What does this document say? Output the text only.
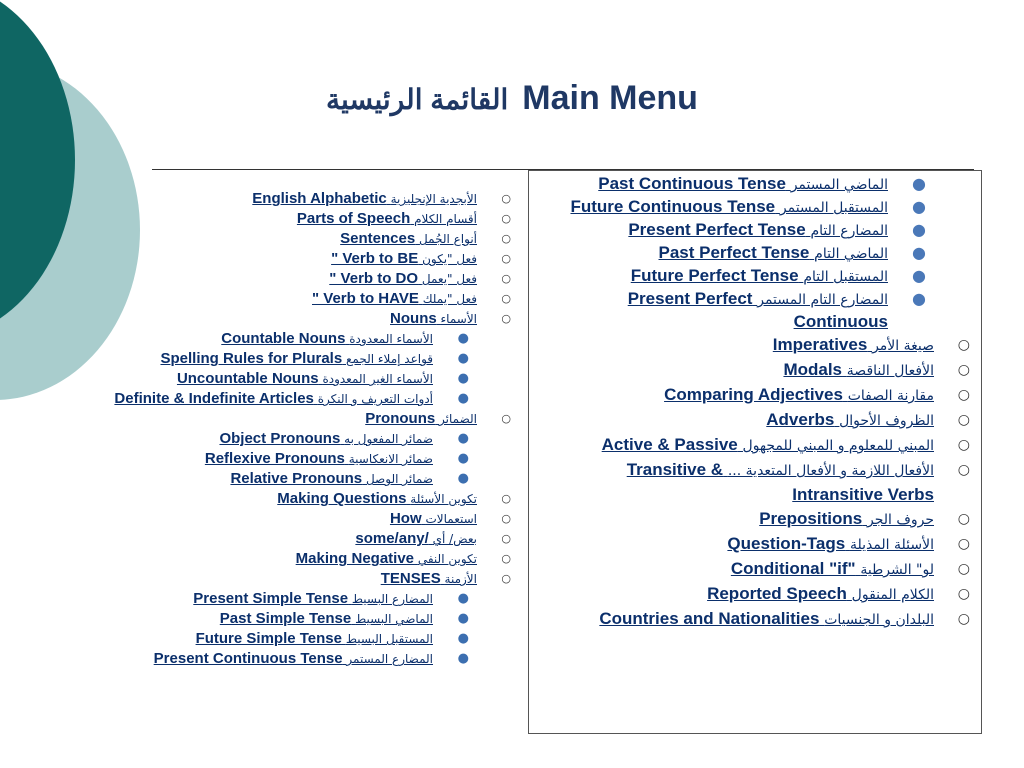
القائمة الرئيسية Main Menu
○
الأبجدية الإنجليزية English Alphabetic
○
أقسام الكلام Parts of Speech
○
أنواع الجُمل Sentences
○
فعل "يكون " Verb to BE
○
فعل "يعمل " Verb to DO
○
فعل "يملك " Verb to HAVE
○
الأسماء Nouns
●
الأسماء المعدودة Countable Nouns
●
قواعد إملاء الجمع Spelling Rules for Plurals
●
الأسماء الغير المعدودة Uncountable Nouns
●
أدوات التعريف و النكرة Definite & Indefinite Articles
○
الضمائر Pronouns
●
ضمائر المفعول به Object Pronouns
●
ضمائر الانعكاسية Reflexive Pronouns
●
ضمائر الوصل Relative Pronouns
○
تكوين الأسئلة Making Questions
○
استعمالات How
○
بعض/ أي some/any/
○
تكوين النفي Making Negative
○
الأزمنة TENSES
●
المضارع البسيط Present Simple Tense
●
الماضي البسيط Past Simple Tense
●
المستقبل البسيط Future Simple Tense
●
المضارع المستمر Present Continuous Tense
●
الماضي المستمر Past Continuous Tense
●
المستقبل المستمر Future Continuous Tense
●
المضارع التام Present Perfect Tense
●
الماضي التام Past Perfect Tense
●
المستقبل التام Future Perfect Tense
●
المضارع التام المستمر Present Perfect Continuous
○
صيغة الأمر Imperatives
○
الأفعال الناقصة Modals
○
مقارنة الصفات Comparing Adjectives
○
الظروف الأحوال Adverbs
○
المبني للمعلوم و المبني للمجهول Active & Passive
○
الأفعال اللازمة و الأفعال المتعدية ... Transitive & Intransitive Verbs
○
حروف الجر Prepositions
○
الأسئلة المذيلة Question-Tags
○
لو" الشرطية Conditional "if"
○
الكلام المنقول Reported Speech
○
البلدان و الجنسيات Countries and Nationalities
